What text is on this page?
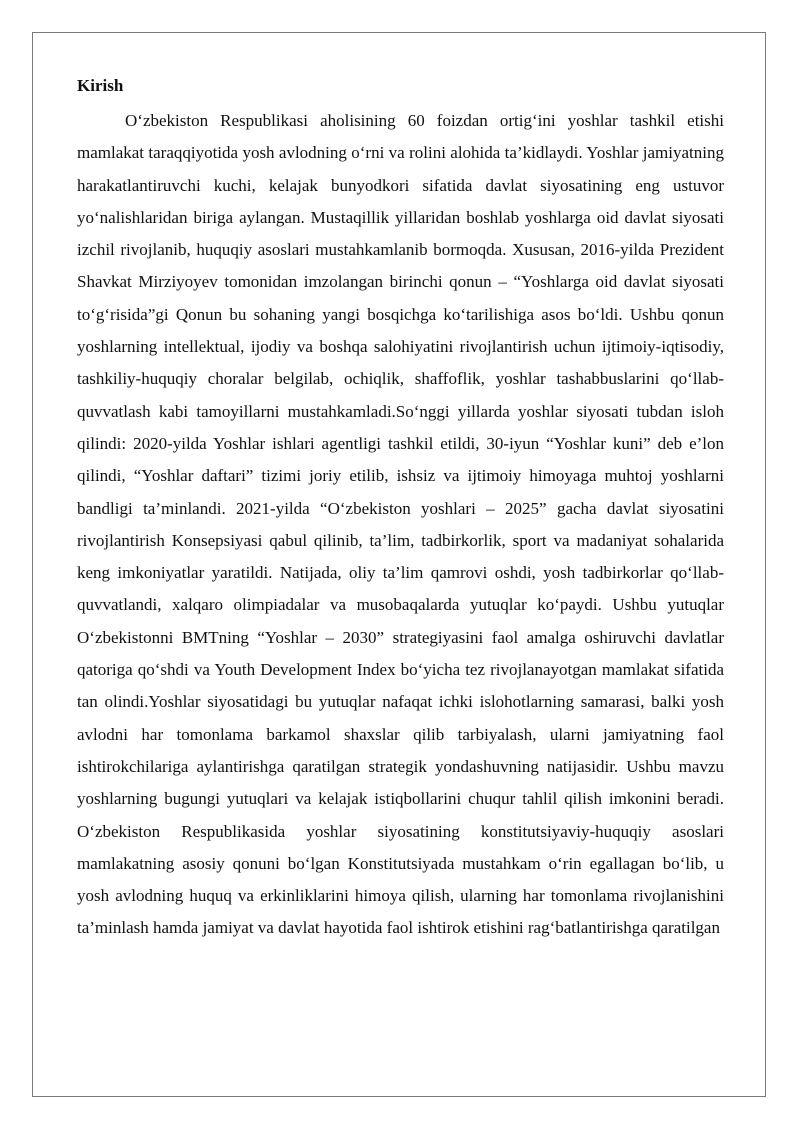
Kirish

O‘zbekiston Respublikasi aholisining 60 foizdan ortig‘ini yoshlar tashkil etishi mamlakat taraqqiyotida yosh avlodning o‘rni va rolini alohida ta’kidlaydi. Yoshlar jamiyatning harakatlantiruvchi kuchi, kelajak bunyodkori sifatida davlat siyosatining eng ustuvor yo‘nalishlaridan biriga aylangan. Mustaqillik yillaridan boshlab yoshlarga oid davlat siyosati izchil rivojlanib, huquqiy asoslari mustahkamlanib bormoqda. Xususan, 2016-yilda Prezident Shavkat Mirziyoyev tomonidan imzolangan birinchi qonun – “Yoshlarga oid davlat siyosati to‘g‘risida”gi Qonun bu sohaning yangi bosqichga ko‘tarilishiga asos bo‘ldi. Ushbu qonun yoshlarning intellektual, ijodiy va boshqa salohiyatini rivojlantirish uchun ijtimoiy-iqtisodiy, tashkiliy-huquqiy choralar belgilab, ochiqlik, shaffoflik, yoshlar tashabbuslarini qo‘llab-quvvatlash kabi tamoyillarni mustahkamladi.So‘nggi yillarda yoshlar siyosati tubdan isloh qilindi: 2020-yilda Yoshlar ishlari agentligi tashkil etildi, 30-iyun “Yoshlar kuni” deb e’lon qilindi, “Yoshlar daftari” tizimi joriy etilib, ishsiz va ijtimoiy himoyaga muhtoj yoshlarni bandligi ta’minlandi. 2021-yilda “O‘zbekiston yoshlari – 2025” gacha davlat siyosatini rivojlantirish Konsepsiyasi qabul qilinib, ta’lim, tadbirkorlik, sport va madaniyat sohalarida keng imkoniyatlar yaratildi. Natijada, oliy ta’lim qamrovi oshdi, yosh tadbirkorlar qo‘llab-quvvatlandi, xalqaro olimpiadalar va musobaqalarda yutuqlar ko‘paydi. Ushbu yutuqlar O‘zbekistonni BMTning “Yoshlar – 2030” strategiyasini faol amalga oshiruvchi davlatlar qatoriga qo‘shdi va Youth Development Index bo‘yicha tez rivojlanayotgan mamlakat sifatida tan olindi.Yoshlar siyosatidagi bu yutuqlar nafaqat ichki islohotlarning samarasi, balki yosh avlodni har tomonlama barkamol shaxslar qilib tarbiyalash, ularni jamiyatning faol ishtirokchilariga aylantirishga qaratilgan strategik yondashuvning natijasidir. Ushbu mavzu yoshlarning bugungi yutuqlari va kelajak istiqbollarini chuqur tahlil qilish imkonini beradi. O‘zbekiston Respublikasida yoshlar siyosatining konstitutsiyaviy-huquqiy asoslari mamlakatning asosiy qonuni bo‘lgan Konstitutsiyada mustahkam o‘rin egallagan bo‘lib, u yosh avlodning huquq va erkinliklarini himoya qilish, ularning har tomonlama rivojlanishini ta’minlash hamda jamiyat va davlat hayotida faol ishtirok etishini rag‘batlantirishga qaratilgan
